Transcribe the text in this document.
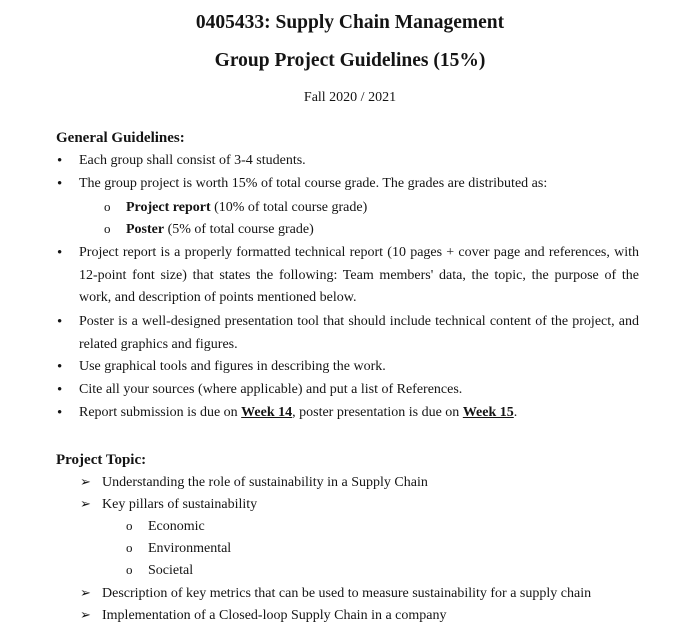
0405433: Supply Chain Management
Group Project Guidelines (15%)
Fall 2020 / 2021
General Guidelines:
• Each group shall consist of 3-4 students.
• The group project is worth 15% of total course grade. The grades are distributed as:
o Project report (10% of total course grade)
o Poster (5% of total course grade)
• Project report is a properly formatted technical report (10 pages + cover page and references, with 12-point font size) that states the following: Team members' data, the topic, the purpose of the work, and description of points mentioned below.
• Poster is a well-designed presentation tool that should include technical content of the project, and related graphics and figures.
• Use graphical tools and figures in describing the work.
• Cite all your sources (where applicable) and put a list of References.
• Report submission is due on Week 14, poster presentation is due on Week 15.
Project Topic:
➢ Understanding the role of sustainability in a Supply Chain
➢ Key pillars of sustainability
o Economic
o Environmental
o Societal
➢ Description of key metrics that can be used to measure sustainability for a supply chain
➢ Implementation of a Closed-loop Supply Chain in a company
